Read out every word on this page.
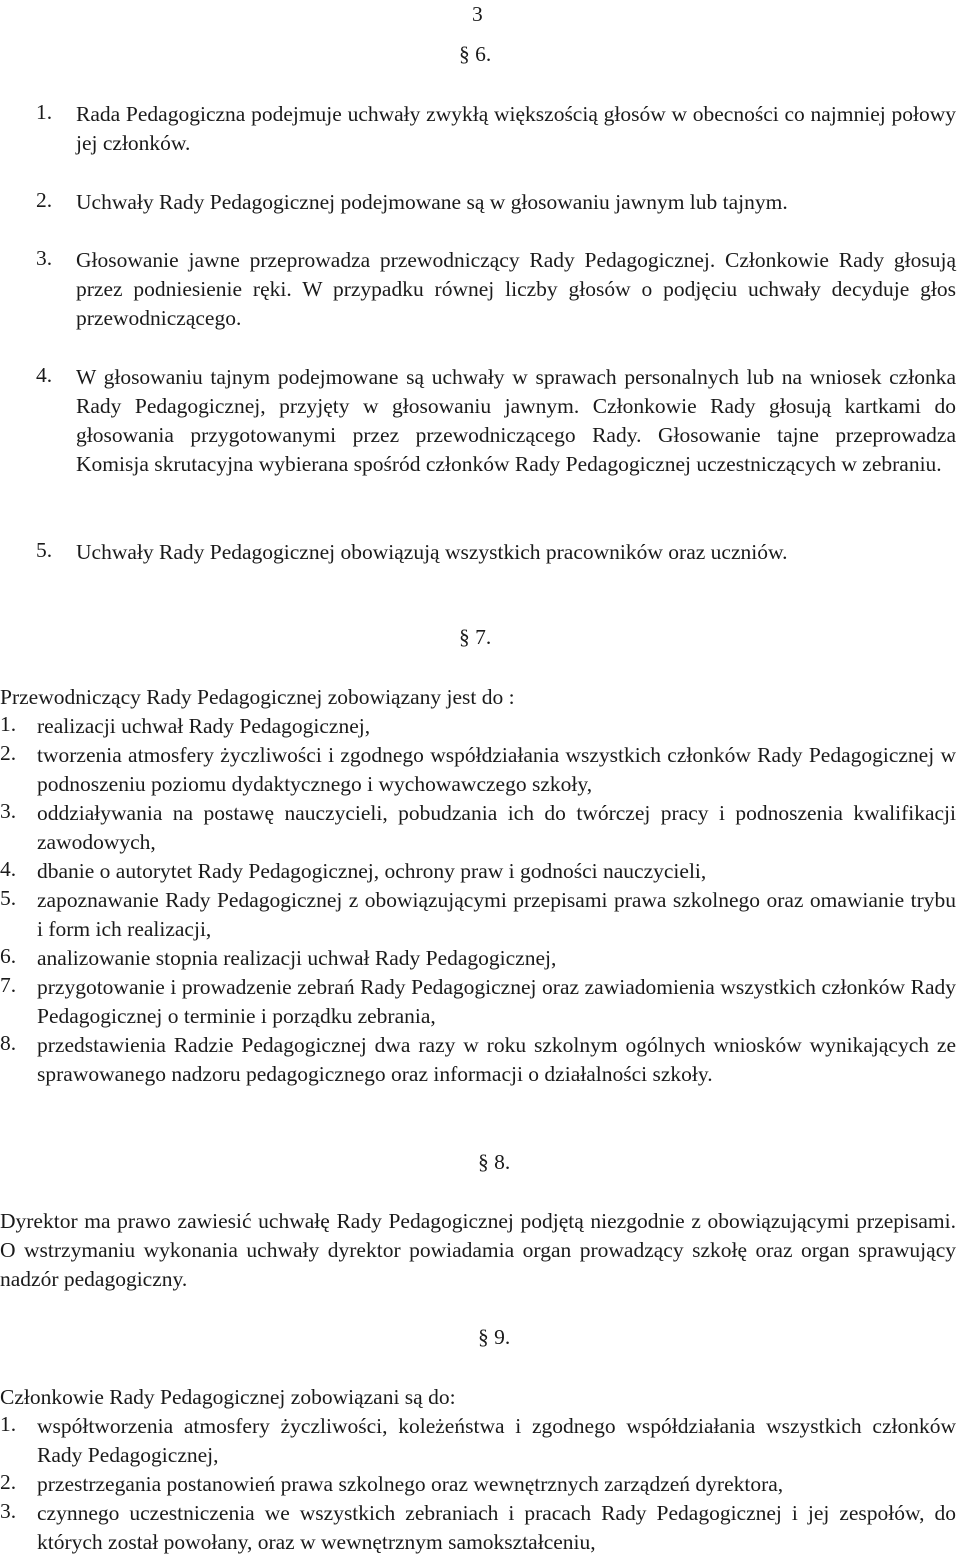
3
§ 6.
1. Rada Pedagogiczna podejmuje uchwały zwykłą większością głosów w obecności co najmniej połowy jej członków.
2. Uchwały Rady Pedagogicznej podejmowane są w głosowaniu jawnym lub tajnym.
3. Głosowanie jawne przeprowadza przewodniczący Rady Pedagogicznej. Członkowie Rady głosują przez podniesienie ręki. W przypadku równej liczby głosów o podjęciu uchwały decyduje głos przewodniczącego.
4. W głosowaniu tajnym podejmowane są uchwały w sprawach personalnych lub na wniosek członka Rady Pedagogicznej, przyjęty w głosowaniu jawnym. Członkowie Rady głosują kartkami do głosowania przygotowanymi przez przewodniczącego Rady. Głosowanie tajne przeprowadza Komisja skrutacyjna wybierana spośród członków Rady Pedagogicznej uczestniczących w zebraniu.
5. Uchwały Rady Pedagogicznej obowiązują wszystkich pracowników oraz uczniów.
§ 7.
Przewodniczący Rady Pedagogicznej zobowiązany jest do :
1. realizacji uchwał Rady Pedagogicznej,
2. tworzenia atmosfery życzliwości i zgodnego współdziałania wszystkich członków Rady Pedagogicznej w podnoszeniu poziomu dydaktycznego i wychowawczego szkoły,
3. oddziaływania na postawę nauczycieli, pobudzania ich do twórczej pracy i podnoszenia kwalifikacji zawodowych,
4. dbanie o autorytet Rady Pedagogicznej, ochrony praw i godności nauczycieli,
5. zapoznawanie Rady Pedagogicznej z obowiązującymi przepisami prawa szkolnego oraz omawianie trybu i form ich realizacji,
6. analizowanie stopnia realizacji uchwał Rady Pedagogicznej,
7. przygotowanie i prowadzenie zebrań Rady Pedagogicznej oraz zawiadomienia wszystkich członków Rady Pedagogicznej o terminie i porządku zebrania,
8. przedstawienia Radzie Pedagogicznej dwa razy w roku szkolnym ogólnych wniosków wynikających ze sprawowanego nadzoru pedagogicznego oraz informacji o działalności szkoły.
§ 8.
Dyrektor ma prawo zawiesić uchwałę Rady Pedagogicznej podjętą niezgodnie z obowiązującymi przepisami. O wstrzymaniu wykonania uchwały dyrektor powiadamia organ prowadzący szkołę oraz organ sprawujący nadzór pedagogiczny.
§ 9.
Członkowie Rady Pedagogicznej zobowiązani są do:
1. współtworzenia atmosfery życzliwości, koleżeństwa i zgodnego współdziałania wszystkich członków Rady Pedagogicznej,
2. przestrzegania postanowień prawa szkolnego oraz wewnętrznych zarządzeń dyrektora,
3. czynnego uczestniczenia we wszystkich zebraniach i pracach Rady Pedagogicznej i jej zespołów, do których został powołany, oraz w wewnętrznym samokształceniu,
